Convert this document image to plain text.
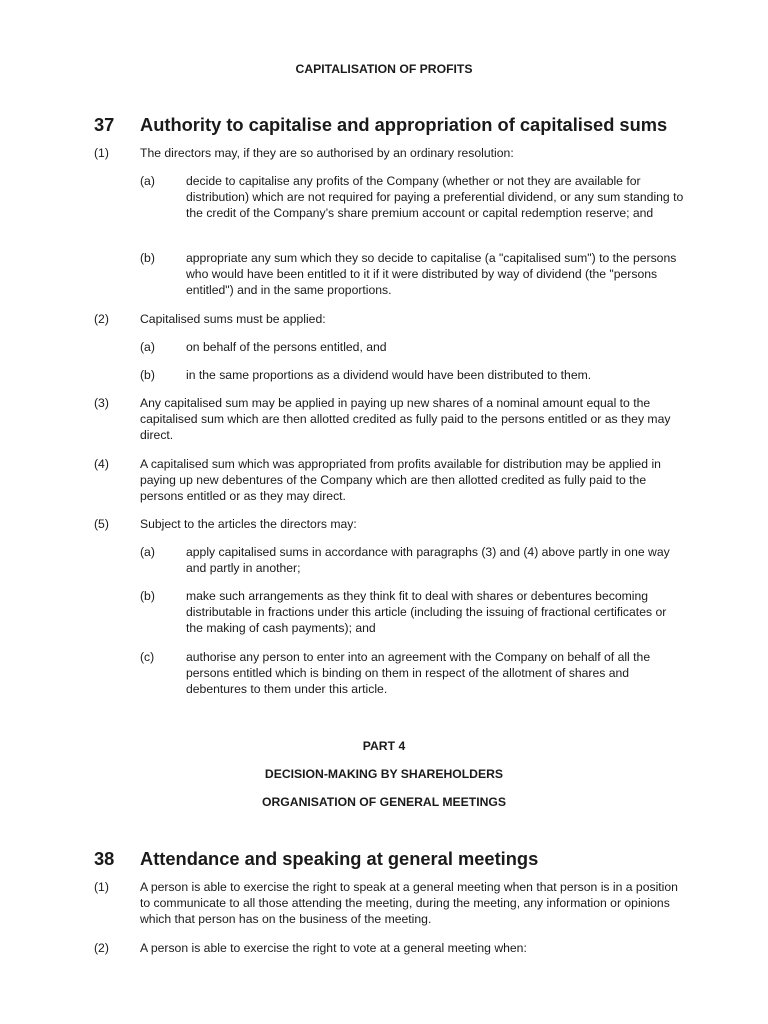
CAPITALISATION OF PROFITS
37 Authority to capitalise and appropriation of capitalised sums
(1)	The directors may, if they are so authorised by an ordinary resolution:
(a)	decide to capitalise any profits of the Company (whether or not they are available for distribution) which are not required for paying a preferential dividend, or any sum standing to the credit of the Company’s share premium account or capital redemption reserve; and
(b)	appropriate any sum which they so decide to capitalise (a "capitalised sum") to the persons who would have been entitled to it if it were distributed by way of dividend (the "persons entitled") and in the same proportions.
(2)	Capitalised sums must be applied:
(a)	on behalf of the persons entitled, and
(b)	in the same proportions as a dividend would have been distributed to them.
(3)	Any capitalised sum may be applied in paying up new shares of a nominal amount equal to the capitalised sum which are then allotted credited as fully paid to the persons entitled or as they may direct.
(4)	A capitalised sum which was appropriated from profits available for distribution may be applied in paying up new debentures of the Company which are then allotted credited as fully paid to the persons entitled or as they may direct.
(5)	Subject to the articles the directors may:
(a)	apply capitalised sums in accordance with paragraphs (3) and (4) above partly in one way and partly in another;
(b)	make such arrangements as they think fit to deal with shares or debentures becoming distributable in fractions under this article (including the issuing of fractional certificates or the making of cash payments); and
(c)	authorise any person to enter into an agreement with the Company on behalf of all the persons entitled which is binding on them in respect of the allotment of shares and debentures to them under this article.
PART 4
DECISION-MAKING BY SHAREHOLDERS
ORGANISATION OF GENERAL MEETINGS
38 Attendance and speaking at general meetings
(1)	A person is able to exercise the right to speak at a general meeting when that person is in a position to communicate to all those attending the meeting, during the meeting, any information or opinions which that person has on the business of the meeting.
(2)	A person is able to exercise the right to vote at a general meeting when:
